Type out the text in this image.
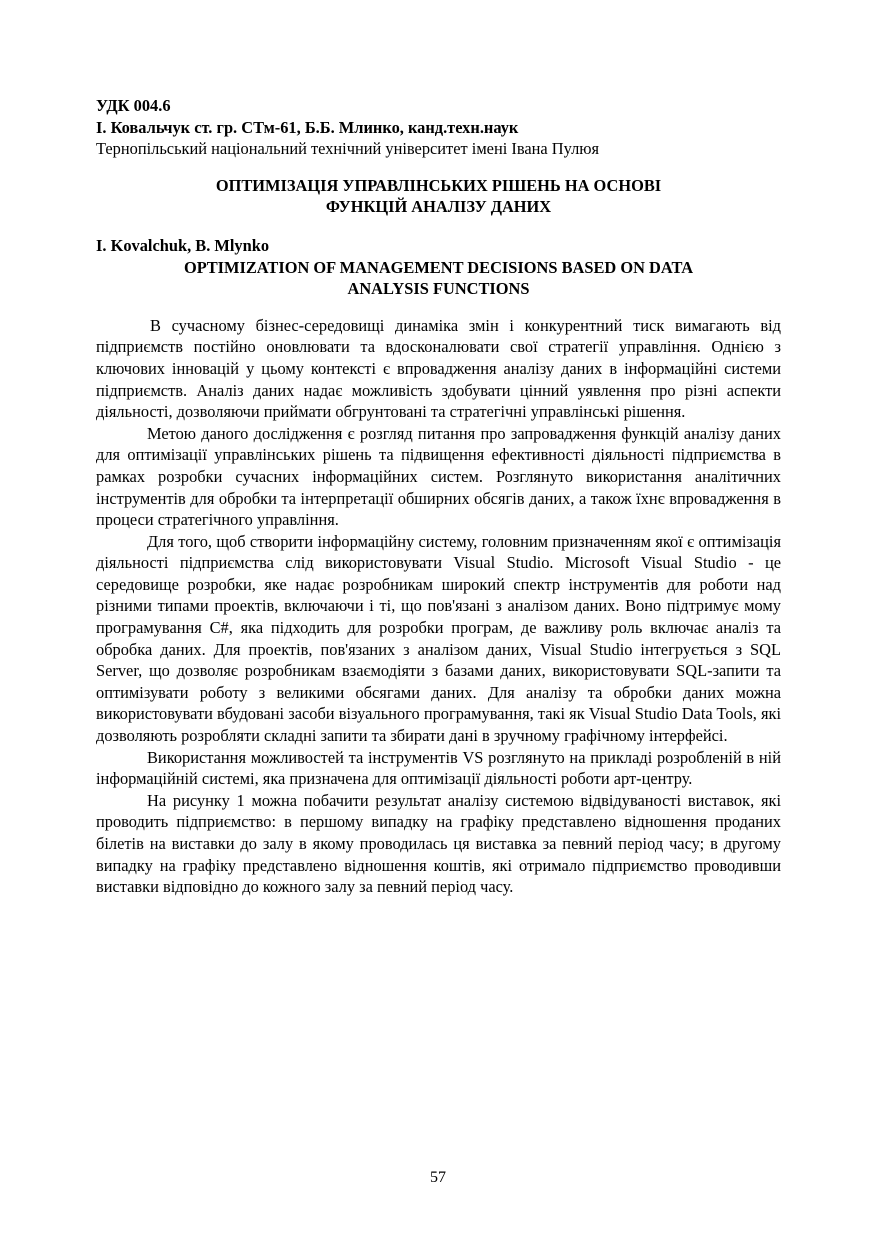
УДК 004.6
І. Ковальчук ст. гр. СТм-61, Б.Б. Млинко, канд.техн.наук
Тернопільський національний технічний університет імені Івана Пулюя
ОПТИМІЗАЦІЯ УПРАВЛІНСЬКИХ РІШЕНЬ НА ОСНОВІ
ФУНКЦІЙ АНАЛІЗУ ДАНИХ
I. Kovalchuk, B. Mlynko
OPTIMIZATION OF MANAGEMENT DECISIONS BASED ON DATA
ANALYSIS FUNCTIONS

В сучасному бізнес-середовищі динаміка змін і конкурентний тиск вимагають від підприємств постійно оновлювати та вдосконалювати свої стратегії управління. Однією з ключових інновацій у цьому контексті є впровадження аналізу даних в інформаційні системи підприємств. Аналіз даних надає можливість здобувати цінний уявлення про різні аспекти діяльності, дозволяючи приймати обгрунтовані та стратегічні управлінські рішення.

Метою даного дослідження є розгляд питання про запровадження функцій аналізу даних для оптимізації управлінських рішень та підвищення ефективності діяльності підприємства в рамках розробки сучасних інформаційних систем. Розглянуто використання аналітичних інструментів для обробки та інтерпретації обширних обсягів даних, а також їхнє впровадження в процеси стратегічного управління.

Для того, щоб створити інформаційну систему, головним призначенням якої є оптимізація діяльності підприємства слід використовувати Visual Studio. Microsoft Visual Studio - це середовище розробки, яке надає розробникам широкий спектр інструментів для роботи над різними типами проектів, включаючи і ті, що пов'язані з аналізом даних. Воно підтримує мому програмування C#, яка підходить для розробки програм, де важливу роль включає аналіз та обробка даних. Для проектів, пов'язаних з аналізом даних, Visual Studio інтегрується з SQL Server, що дозволяє розробникам взаємодіяти з базами даних, використовувати SQL-запити та оптимізувати роботу з великими обсягами даних. Для аналізу та обробки даних можна використовувати вбудовані засоби візуального програмування, такі як Visual Studio Data Tools, які дозволяють розробляти складні запити та збирати дані в зручному графічному інтерфейсі.

Використання можливостей та інструментів VS розглянуто на прикладі розробленій в ній інформаційній системі, яка призначена для оптимізації діяльності роботи арт-центру.

На рисунку 1 можна побачити результат аналізу системою відвідуваності виставок, які проводить підприємство: в першому випадку на графіку представлено відношення проданих білетів на виставки до залу в якому проводилась ця виставка за певний період часу; в другому випадку на графіку представлено відношення коштів, які отримало підприємство проводивши виставки відповідно до кожного залу за певний період часу.

57
